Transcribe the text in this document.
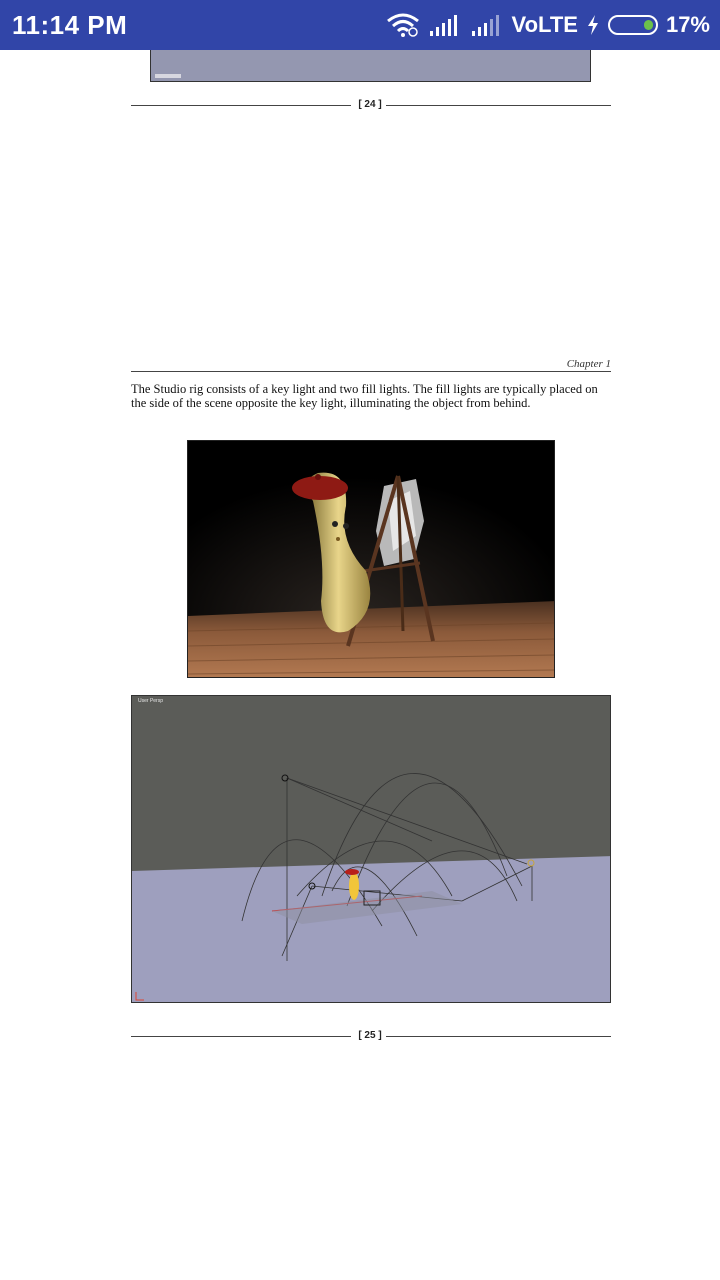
11:14 PM	VoLTE	17%
[ 24 ]
Chapter 1
The Studio rig consists of a key light and two fill lights. The fill lights are typically placed on the side of the scene opposite the key light, illuminating the object from behind.
User Persp
[ 25 ]
